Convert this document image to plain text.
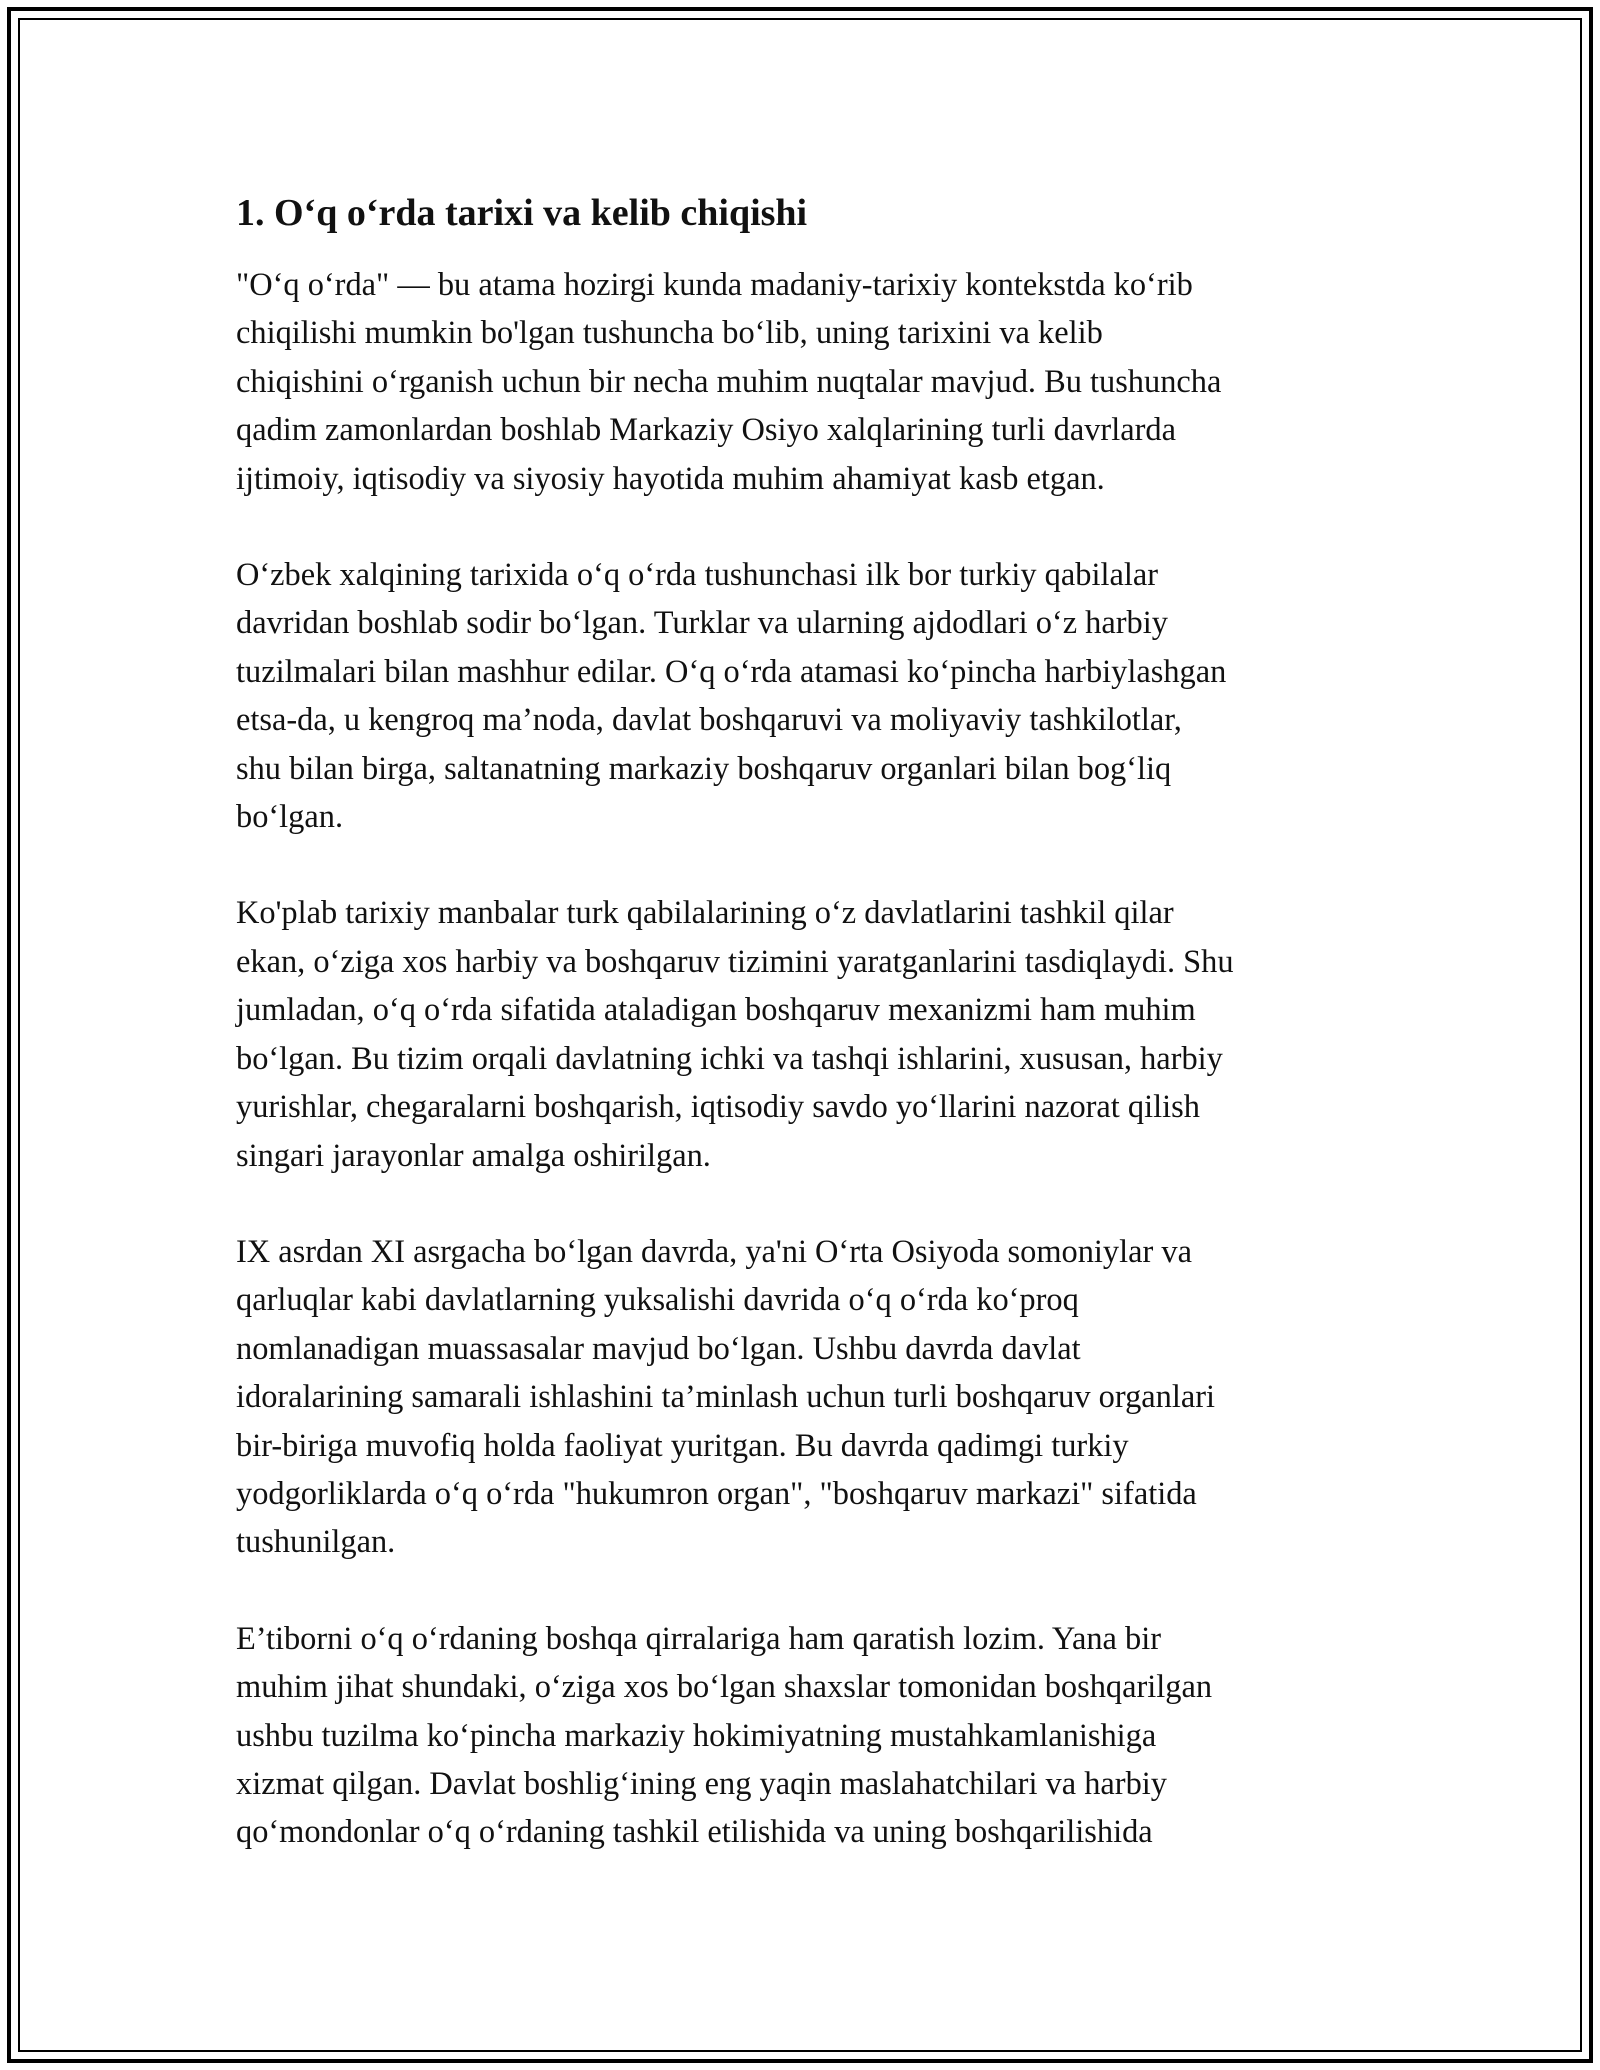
1. O‘q o‘rda tarixi va kelib chiqishi

"O‘q o‘rda" — bu atama hozirgi kunda madaniy-tarixiy kontekstda ko‘rib
chiqilishi mumkin bo'lgan tushuncha bo‘lib, uning tarixini va kelib
chiqishini o‘rganish uchun bir necha muhim nuqtalar mavjud. Bu tushuncha
qadim zamonlardan boshlab Markaziy Osiyo xalqlarining turli davrlarda
ijtimoiy, iqtisodiy va siyosiy hayotida muhim ahamiyat kasb etgan.

O‘zbek xalqining tarixida o‘q o‘rda tushunchasi ilk bor turkiy qabilalar
davridan boshlab sodir bo‘lgan. Turklar va ularning ajdodlari o‘z harbiy
tuzilmalari bilan mashhur edilar. O‘q o‘rda atamasi ko‘pincha harbiylashgan
etsa-da, u kengroq ma’noda, davlat boshqaruvi va moliyaviy tashkilotlar,
shu bilan birga, saltanatning markaziy boshqaruv organlari bilan bog‘liq
bo‘lgan.

Ko'plab tarixiy manbalar turk qabilalarining o‘z davlatlarini tashkil qilar
ekan, o‘ziga xos harbiy va boshqaruv tizimini yaratganlarini tasdiqlaydi. Shu
jumladan, o‘q o‘rda sifatida ataladigan boshqaruv mexanizmi ham muhim
bo‘lgan. Bu tizim orqali davlatning ichki va tashqi ishlarini, xususan, harbiy
yurishlar, chegaralarni boshqarish, iqtisodiy savdo yo‘llarini nazorat qilish
singari jarayonlar amalga oshirilgan.

IX asrdan XI asrgacha bo‘lgan davrda, ya'ni O‘rta Osiyoda somoniylar va
qarluqlar kabi davlatlarning yuksalishi davrida o‘q o‘rda ko‘proq
nomlanadigan muassasalar mavjud bo‘lgan. Ushbu davrda davlat
idoralarining samarali ishlashini ta’minlash uchun turli boshqaruv organlari
bir-biriga muvofiq holda faoliyat yuritgan. Bu davrda qadimgi turkiy
yodgorliklarda o‘q o‘rda "hukumron organ", "boshqaruv markazi" sifatida
tushunilgan.

E’tiborni o‘q o‘rdaning boshqa qirralariga ham qaratish lozim. Yana bir
muhim jihat shundaki, o‘ziga xos bo‘lgan shaxslar tomonidan boshqarilgan
ushbu tuzilma ko‘pincha markaziy hokimiyatning mustahkamlanishiga
xizmat qilgan. Davlat boshlig‘ining eng yaqin maslahatchilari va harbiy
qo‘mondonlar o‘q o‘rdaning tashkil etilishida va uning boshqarilishida
